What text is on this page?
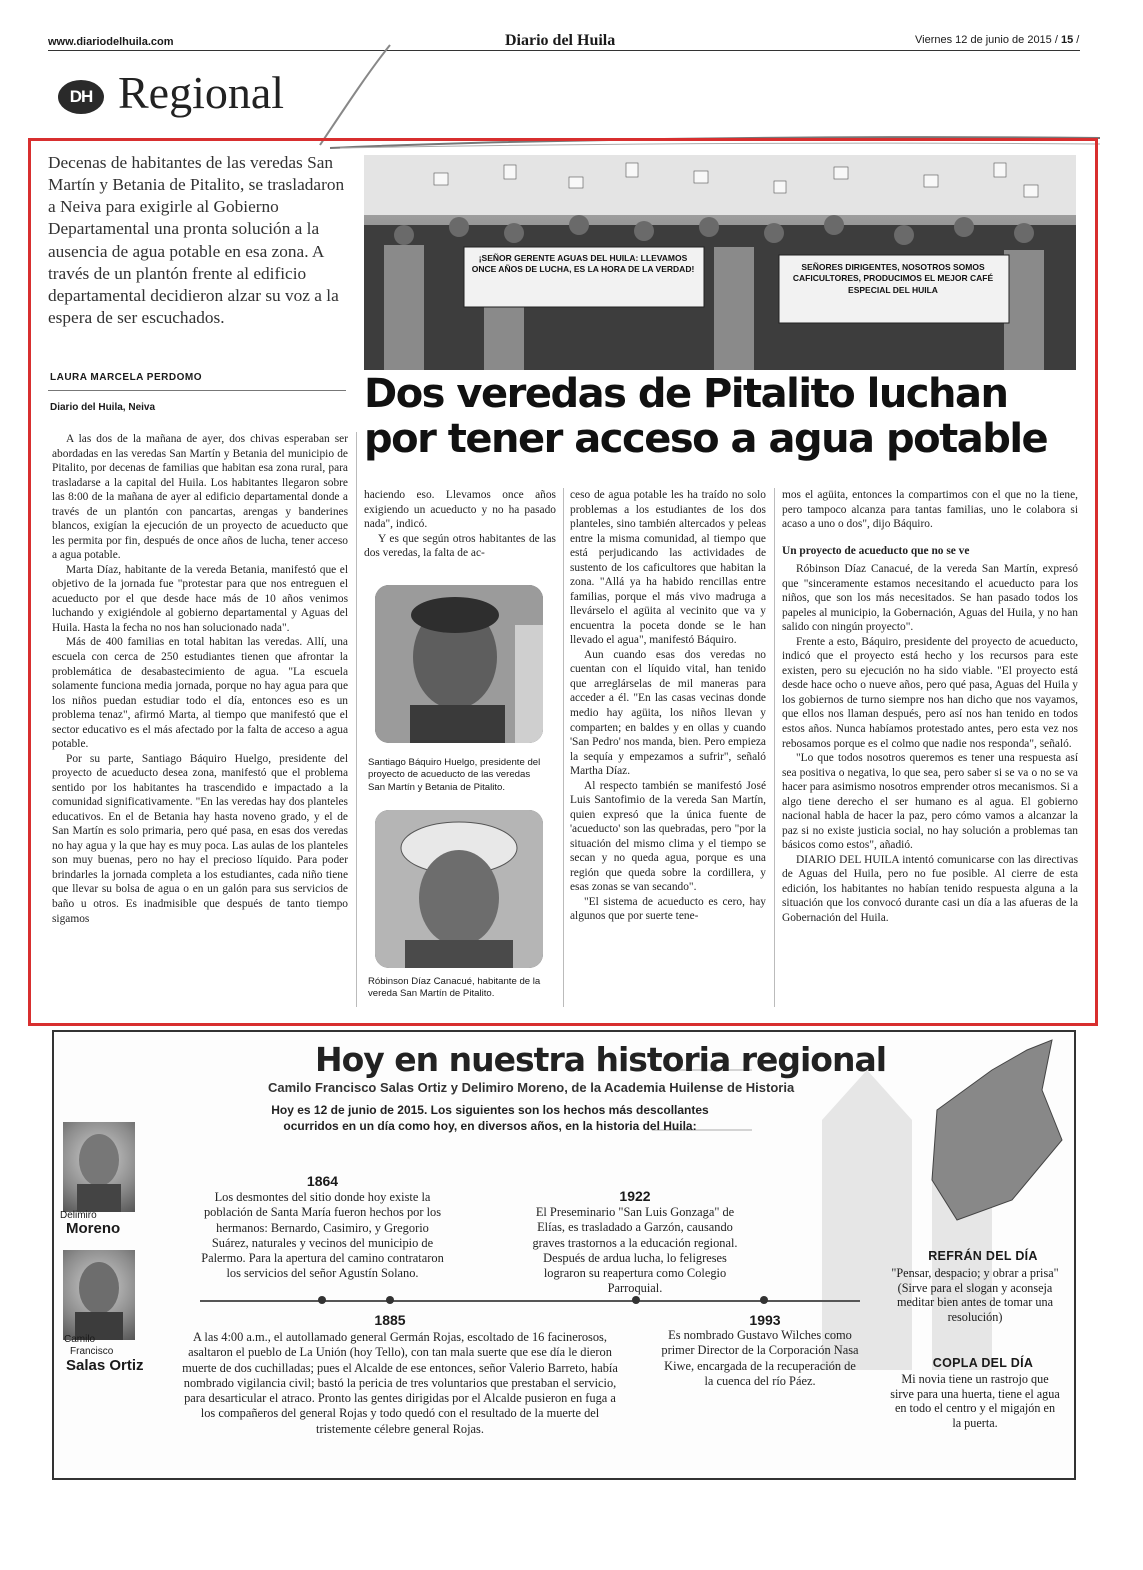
www.diariodelhuila.com	Diario del Huila	Viernes 12 de junio de 2015 / 15 /
DH Regional
Decenas de habitantes de las veredas San Martín y Betania de Pitalito, se trasladaron a Neiva para exigirle al Gobierno Departamental una pronta solución a la ausencia de agua potable en esa zona. A través de un plantón frente al edificio departamental decidieron alzar su voz a la espera de ser escuchados.
LAURA MARCELA PERDOMO
Diario del Huila, Neiva
¡SEÑOR GERENTE AGUAS DEL HUILA: LLEVAMOS ONCE AÑOS DE LUCHA, ES LA HORA DE LA VERDAD!	SEÑORES DIRIGENTES, NOSOTROS SOMOS CAFICULTORES, PRODUCIMOS EL MEJOR CAFÉ ESPECIAL DEL HUILA
Dos veredas de Pitalito luchan por tener acceso a agua potable

A las dos de la mañana de ayer, dos chivas esperaban ser abordadas en las veredas San Martín y Betania del municipio de Pitalito, por decenas de familias que habitan esa zona rural, para trasladarse a la capital del Huila. Los habitantes llegaron sobre las 8:00 de la mañana de ayer al edificio departamental donde a través de un plantón con pancartas, arengas y banderines blancos, exigían la ejecución de un proyecto de acueducto que les permita por fin, después de once años de lucha, tener acceso a agua potable.

Marta Díaz, habitante de la vereda Betania, manifestó que el objetivo de la jornada fue "protestar para que nos entreguen el acueducto por el que desde hace más de 10 años venimos luchando y exigiéndole al gobierno departamental y Aguas del Huila. Hasta la fecha no nos han solucionado nada".

Más de 400 familias en total habitan las veredas. Allí, una escuela con cerca de 250 estudiantes tienen que afrontar la problemática de desabastecimiento de agua. "La escuela solamente funciona media jornada, porque no hay agua para que los niños puedan estudiar todo el día, entonces eso es un problema tenaz", afirmó Marta, al tiempo que manifestó que el sector educativo es el más afectado por la falta de acceso a agua potable.

Por su parte, Santiago Báquiro Huelgo, presidente del proyecto de acueducto desea zona, manifestó que el problema sentido por los habitantes ha trascendido e impactado a la comunidad significativamente. "En las veredas hay dos planteles educativos. En el de Betania hay hasta noveno grado, y el de San Martín es solo primaria, pero qué pasa, en esas dos veredas no hay agua y la que hay es muy poca. Las aulas de los planteles son muy buenas, pero no hay el precioso líquido. Para poder brindarles la jornada completa a los estudiantes, cada niño tiene que llevar su bolsa de agua o en un galón para sus servicios de baño u otros. Es inadmisible que después de tanto tiempo sigamos

haciendo eso. Llevamos once años exigiendo un acueducto y no ha pasado nada", indicó.

Y es que según otros habitantes de las dos veredas, la falta de ac-

Santiago Báquiro Huelgo, presidente del proyecto de acueducto de las veredas San Martín y Betania de Pitalito.
Róbinson Díaz Canacué, habitante de la vereda San Martín de Pitalito.

ceso de agua potable les ha traído no solo problemas a los estudiantes de los dos planteles, sino también altercados y peleas entre la misma comunidad, al tiempo que está perjudicando las actividades de sustento de los caficultores que habitan la zona. "Allá ya ha habido rencillas entre familias, porque el más vivo madruga a llevárselo el agüita al vecinito que va y encuentra la poceta donde se le han llevado el agua", manifestó Báquiro.

Aun cuando esas dos veredas no cuentan con el líquido vital, han tenido que arreglárselas de mil maneras para acceder a él. "En las casas vecinas donde medio hay agüita, los niños llevan y comparten; en baldes y en ollas y cuando 'San Pedro' nos manda, bien. Pero empieza la sequía y empezamos a sufrir", señaló Martha Díaz.

Al respecto también se manifestó José Luis Santofimio de la vereda San Martín, quien expresó que la única fuente de 'acueducto' son las quebradas, pero "por la situación del mismo clima y el tiempo se secan y no queda agua, porque es una región que queda sobre la cordillera, y esas zonas se van secando".

"El sistema de acueducto es cero, hay algunos que por suerte tene-

mos el agüita, entonces la compartimos con el que no la tiene, pero tampoco alcanza para tantas familias, uno le colabora si acaso a uno o dos", dijo Báquiro.

Un proyecto de acueducto que no se ve

Róbinson Díaz Canacué, de la vereda San Martín, expresó que "sinceramente estamos necesitando el acueducto para los niños, que son los más necesitados. Se han pasado todos los papeles al municipio, la Gobernación, Aguas del Huila, y no han salido con ningún proyecto".

Frente a esto, Báquiro, presidente del proyecto de acueducto, indicó que el proyecto está hecho y los recursos para este existen, pero su ejecución no ha sido viable. "El proyecto está desde hace ocho o nueve años, pero qué pasa, Aguas del Huila y los gobiernos de turno siempre nos han dicho que nos vayamos, que ellos nos llaman después, pero así nos han tenido en todos estos años. Nunca habíamos protestado antes, pero esta vez nos rebosamos porque es el colmo que nadie nos responda", señaló.

"Lo que todos nosotros queremos es tener una respuesta así sea positiva o negativa, lo que sea, pero saber si se va o no se va hacer para asimismo nosotros emprender otros mecanismos. Si a algo tiene derecho el ser humano es al agua. El gobierno nacional habla de hacer la paz, pero cómo vamos a alcanzar la paz si no existe justicia social, no hay solución a problemas tan básicos como estos", añadió.

DIARIO DEL HUILA intentó comunicarse con las directivas de Aguas del Huila, pero no fue posible. Al cierre de esta edición, los habitantes no habían tenido respuesta alguna a la situación que los convocó durante casi un día a las afueras de la Gobernación del Huila.

Hoy en nuestra historia regional
Camilo Francisco Salas Ortiz y Delimiro Moreno, de la Academia Huilense de Historia
Hoy es 12 de junio de 2015. Los siguientes son los hechos más descollantes ocurridos en un día como hoy, en diversos años, en la historia del Huila:
Delimiro
Moreno
Camilo
Francisco
Salas Ortiz
1864
Los desmontes del sitio donde hoy existe la población de Santa María fueron hechos por los hermanos: Bernardo, Casimiro, y Gregorio Suárez, naturales y vecinos del municipio de Palermo. Para la apertura del camino contrataron los servicios del señor Agustín Solano.
1922
El Preseminario "San Luis Gonzaga" de Elías, es trasladado a Garzón, causando graves trastornos a la educación regional. Después de ardua lucha, lo feligreses lograron su reapertura como Colegio Parroquial.
1885
A las 4:00 a.m., el autollamado general Germán Rojas, escoltado de 16 facinerosos, asaltaron el pueblo de La Unión (hoy Tello), con tan mala suerte que ese día le dieron muerte de dos cuchilladas; pues el Alcalde de ese entonces, señor Valerio Barreto, había nombrado vigilancia civil; bastó la pericia de tres voluntarios que prestaban el servicio, para desarticular el atraco. Pronto las gentes dirigidas por el Alcalde pusieron en fuga a los compañeros del general Rojas y todo quedó con el resultado de la muerte del tristemente célebre general Rojas.
1993
Es nombrado Gustavo Wilches como primer Director de la Corporación Nasa Kiwe, encargada de la recuperación de la cuenca del río Páez.
REFRÁN DEL DÍA
"Pensar, despacio; y obrar a prisa" (Sirve para el slogan y aconseja meditar bien antes de tomar una resolución)
COPLA DEL DÍA
Mi novia tiene un rastrojo que sirve para una huerta, tiene el agua en todo el centro y el migajón en la puerta.
